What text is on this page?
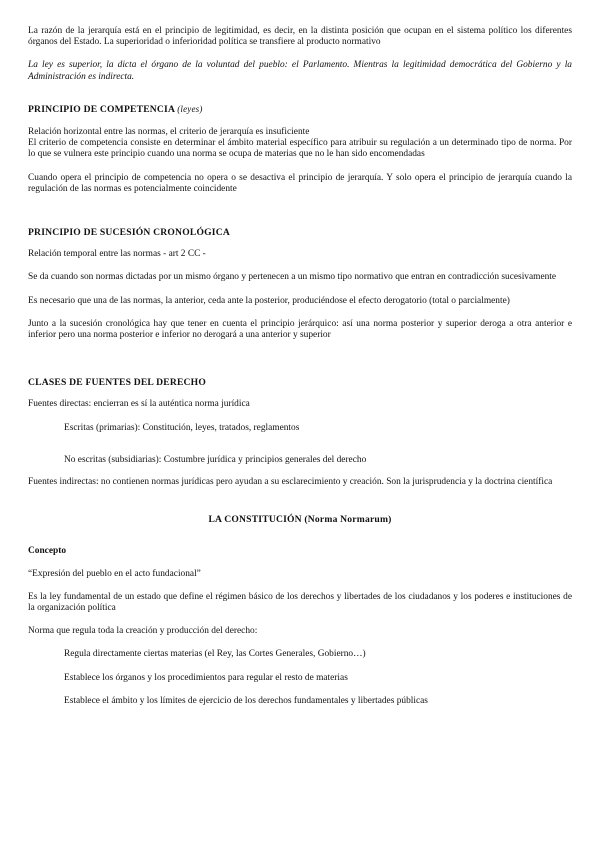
La razón de la jerarquía está en el principio de legitimidad, es decir, en la distinta posición que ocupan en el sistema político los diferentes órganos del Estado. La superioridad o inferioridad política se transfiere al producto normativo

La ley es superior, la dicta el órgano de la voluntad del pueblo: el Parlamento. Mientras la legitimidad democrática del Gobierno y la Administración es indirecta.

PRINCIPIO DE COMPETENCIA (leyes)

Relación horizontal entre las normas, el criterio de jerarquía es insuficiente

El criterio de competencia consiste en determinar el ámbito material específico para atribuir su regulación a un determinado tipo de norma. Por lo que se vulnera este principio cuando una norma se ocupa de materias que no le han sido encomendadas

Cuando opera el principio de competencia no opera o se desactiva el principio de jerarquía. Y solo opera el principio de jerarquía cuando la regulación de las normas es potencialmente coincidente

PRINCIPIO DE SUCESIÓN CRONOLÓGICA

Relación temporal entre las normas - art 2 CC -

Se da cuando son normas dictadas por un mismo órgano y pertenecen a un mismo tipo normativo que entran en contradicción sucesivamente

Es necesario que una de las normas, la anterior, ceda ante la posterior, produciéndose el efecto derogatorio (total o parcialmente)

Junto a la sucesión cronológica hay que tener en cuenta el principio jerárquico: así una norma posterior y superior deroga a otra anterior e inferior pero una norma posterior e inferior no derogará a una anterior y superior

CLASES DE FUENTES DEL DERECHO

Fuentes directas: encierran es sí la auténtica norma jurídica

Escritas (primarias): Constitución, leyes, tratados, reglamentos

No escritas (subsidiarias): Costumbre jurídica y principios generales del derecho

Fuentes indirectas: no contienen normas jurídicas pero ayudan a su esclarecimiento y creación. Son la jurisprudencia y la doctrina científica

LA CONSTITUCIÓN (Norma Normarum)

Concepto

“Expresión del pueblo en el acto fundacional”

Es la ley fundamental de un estado que define el régimen básico de los derechos y libertades de los ciudadanos y los poderes e instituciones de la organización política

Norma que regula toda la creación y producción del derecho:

Regula directamente ciertas materias (el Rey, las Cortes Generales, Gobierno…)

Establece los órganos y los procedimientos para regular el resto de materias

Establece el ámbito y los límites de ejercicio de los derechos fundamentales y libertades públicas
